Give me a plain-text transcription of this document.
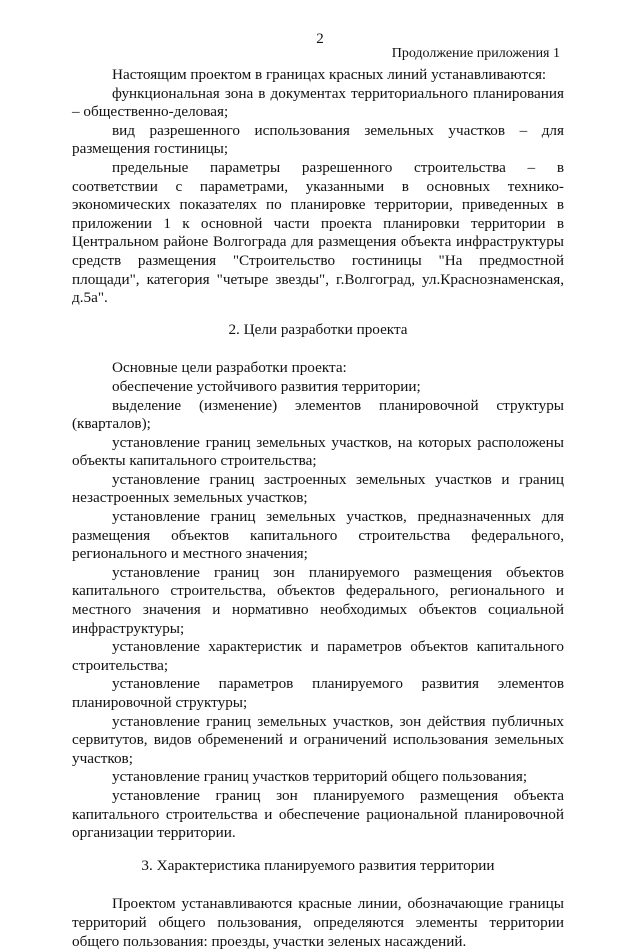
2
Продолжение приложения 1

Настоящим проектом в границах красных линий устанавливаются:

функциональная зона в документах территориального планирования – общественно-деловая;

вид разрешенного использования земельных участков – для размещения гостиницы;

предельные параметры разрешенного строительства – в соответствии с параметрами, указанными в основных технико-экономических показателях по планировке территории, приведенных в приложении 1 к основной части проекта планировки территории в Центральном районе Волгограда для размещения объекта инфраструктуры средств размещения "Строительство гостиницы "На предмостной площади", категория "четыре звезды", г.Волгоград, ул.Краснознаменская, д.5а".

2. Цели разработки проекта

Основные цели разработки проекта:

обеспечение устойчивого развития территории;

выделение (изменение) элементов планировочной структуры (кварталов);

установление границ земельных участков, на которых расположены объекты капитального строительства;

установление границ застроенных земельных участков и границ незастроенных земельных участков;

установление границ земельных участков, предназначенных для размещения объектов капитального строительства федерального, регионального и местного значения;

установление границ зон планируемого размещения объектов капитального строительства, объектов федерального, регионального и местного значения и нормативно необходимых объектов социальной инфраструктуры;

установление характеристик и параметров объектов капитального строительства;

установление параметров планируемого развития элементов планировочной структуры;

установление границ земельных участков, зон действия публичных сервитутов, видов обременений и ограничений использования земельных участков;

установление границ участков территорий общего пользования;

установление границ зон планируемого размещения объекта капитального строительства и обеспечение рациональной планировочной организации территории.

3. Характеристика планируемого развития территории

Проектом устанавливаются красные линии, обозначающие границы территорий общего пользования, определяются элементы территории общего пользования: проезды, участки зеленых насаждений.
